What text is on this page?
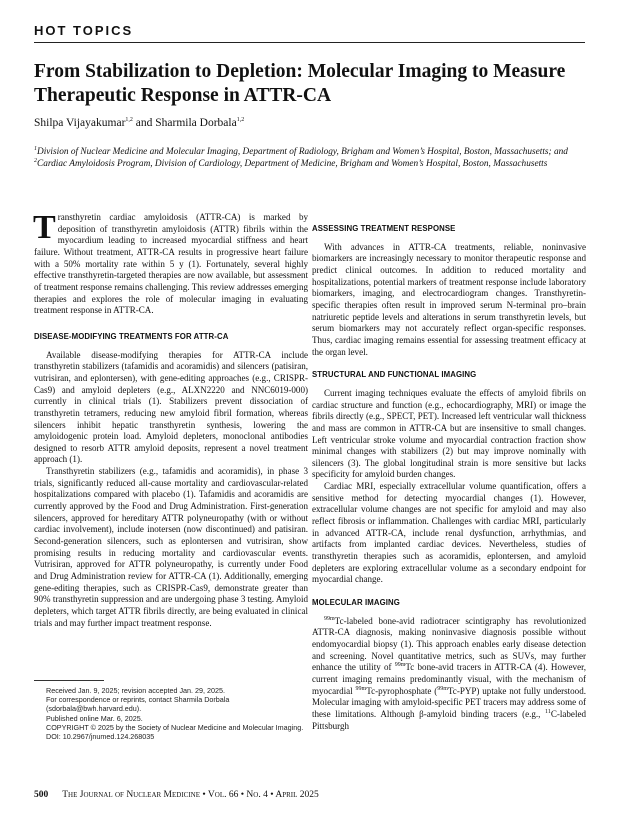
HOT TOPICS
From Stabilization to Depletion: Molecular Imaging to Measure Therapeutic Response in ATTR-CA
Shilpa Vijayakumar$^{1,2}$ and Sharmila Dorbala$^{1,2}$
$^1$Division of Nuclear Medicine and Molecular Imaging, Department of Radiology, Brigham and Women’s Hospital, Boston, Massachusetts; and $^2$Cardiac Amyloidosis Program, Division of Cardiology, Department of Medicine, Brigham and Women’s Hospital, Boston, Massachusetts

Transthyretin cardiac amyloidosis (ATTR-CA) is marked by deposition of transthyretin amyloidosis (ATTR) fibrils within the myocardium leading to increased myocardial stiffness and heart failure. Without treatment, ATTR-CA results in progressive heart failure with a 50% mortality rate within 5 y (1). Fortunately, several highly effective transthyretin-targeted therapies are now available, but assessment of treatment response remains challenging. This review addresses emerging therapies and explores the role of molecular imaging in evaluating treatment response in ATTR-CA.

DISEASE-MODIFYING TREATMENTS FOR ATTR-CA

Available disease-modifying therapies for ATTR-CA include transthyretin stabilizers (tafamidis and acoramidis) and silencers (patisiran, vutrisiran, and eplontersen), with gene-editing approaches (e.g., CRISPR-Cas9) and amyloid depleters (e.g., ALXN2220 and NNC6019-000) currently in clinical trials (1). Stabilizers prevent dissociation of transthyretin tetramers, reducing new amyloid fibril formation, whereas silencers inhibit hepatic transthyretin synthesis, lowering the amyloidogenic protein load. Amyloid depleters, monoclonal antibodies designed to resorb ATTR amyloid deposits, represent a novel treatment approach (1).

Transthyretin stabilizers (e.g., tafamidis and acoramidis), in phase 3 trials, significantly reduced all-cause mortality and cardiovascular-related hospitalizations compared with placebo (1). Tafamidis and acoramidis are currently approved by the Food and Drug Administration. First-generation silencers, approved for hereditary ATTR polyneuropathy (with or without cardiac involvement), include inotersen (now discontinued) and patisiran. Second-generation silencers, such as eplontersen and vutrisiran, show promising results in reducing mortality and cardiovascular events. Vutrisiran, approved for ATTR polyneuropathy, is currently under Food and Drug Administration review for ATTR-CA (1). Additionally, emerging gene-editing therapies, such as CRISPR-Cas9, demonstrate greater than 90% transthyretin suppression and are undergoing phase 3 testing. Amyloid depleters, which target ATTR fibrils directly, are being evaluated in clinical trials and may further impact treatment response.

Received Jan. 9, 2025; revision accepted Jan. 29, 2025.
For correspondence or reprints, contact Sharmila Dorbala (sdorbala@bwh.harvard.edu).
Published online Mar. 6, 2025.
COPYRIGHT © 2025 by the Society of Nuclear Medicine and Molecular Imaging.
DOI: 10.2967/jnumed.124.268035
ASSESSING TREATMENT RESPONSE

With advances in ATTR-CA treatments, reliable, noninvasive biomarkers are increasingly necessary to monitor therapeutic response and predict clinical outcomes. In addition to reduced mortality and hospitalizations, potential markers of treatment response include laboratory biomarkers, imaging, and electrocardiogram changes. Transthyretin-specific therapies often result in improved serum N-terminal pro–brain natriuretic peptide levels and alterations in serum transthyretin levels, but serum biomarkers may not accurately reflect organ-specific responses. Thus, cardiac imaging remains essential for assessing treatment efficacy at the organ level.

STRUCTURAL AND FUNCTIONAL IMAGING

Current imaging techniques evaluate the effects of amyloid fibrils on cardiac structure and function (e.g., echocardiography, MRI) or image the fibrils directly (e.g., SPECT, PET). Increased left ventricular wall thickness and mass are common in ATTR-CA but are insensitive to small changes. Left ventricular stroke volume and myocardial contraction fraction show minimal changes with stabilizers (2) but may improve nominally with silencers (3). The global longitudinal strain is more sensitive but lacks specificity for amyloid burden changes.

Cardiac MRI, especially extracellular volume quantification, offers a sensitive method for detecting myocardial changes (1). However, extracellular volume changes are not specific for amyloid and may also reflect fibrosis or inflammation. Challenges with cardiac MRI, particularly in advanced ATTR-CA, include renal dysfunction, arrhythmias, and artifacts from implanted cardiac devices. Nevertheless, studies of transthyretin therapies such as acoramidis, eplontersen, and amyloid depleters are exploring extracellular volume as a secondary endpoint for myocardial change.

MOLECULAR IMAGING

$^{99m}$Tc-labeled bone-avid radiotracer scintigraphy has revolutionized ATTR-CA diagnosis, making noninvasive diagnosis possible without endomyocardial biopsy (1). This approach enables early disease detection and screening. Novel quantitative metrics, such as SUVs, may further enhance the utility of $^{99m}$Tc bone-avid tracers in ATTR-CA (4). However, current imaging remains predominantly visual, with the mechanism of myocardial $^{99m}$Tc-pyrophosphate ($^{99m}$Tc-PYP) uptake not fully understood. Molecular imaging with amyloid-specific PET tracers may address some of these limitations. Although β-amyloid binding tracers (e.g., $^{11}$C-labeled Pittsburgh

500 The Journal of Nuclear Medicine • Vol. 66 • No. 4 • April 2025
